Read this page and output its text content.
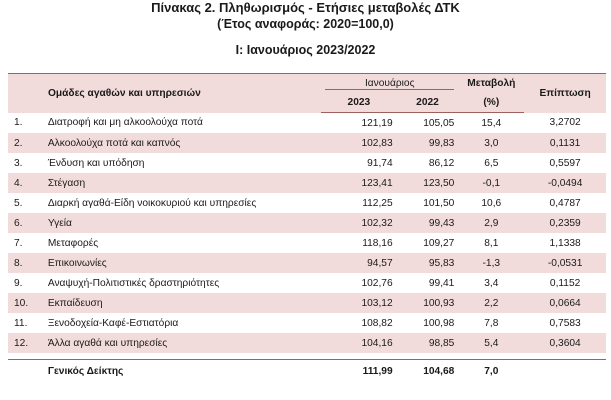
Πίνακας 2. Πληθωρισμός - Ετήσιες μεταβολές ΔΤΚ
(Έτος αναφοράς: 2020=100,0)
I: Ιανουάριος 2023/2022
Ομάδες αγαθών και υπηρεσιών		Ιανουάριος		Μεταβολή	Επίπτωση
		2023	2022	(%)	
1.	Διατροφή και μη αλκοολούχα ποτά	121,19	105,05	15,4	3,2702
2.	Αλκοολούχα ποτά και καπνός	102,83	99,83	3,0	0,1131
3.	Ένδυση και υπόδηση	91,74	86,12	6,5	0,5597
4.	Στέγαση	123,41	123,50	-0,1	-0,0494
5.	Διαρκή αγαθά-Είδη νοικοκυριού και υπηρεσίες	112,25	101,50	10,6	0,4787
6.	Υγεία	102,32	99,43	2,9	0,2359
7.	Μεταφορές	118,16	109,27	8,1	1,1338
8.	Επικοινωνίες	94,57	95,83	-1,3	-0,0531
9.	Αναψυχή-Πολιτιστικές δραστηριότητες	102,76	99,41	3,4	0,1152
10.	Εκπαίδευση	103,12	100,93	2,2	0,0664
11.	Ξενοδοχεία-Καφέ-Εστιατόρια	108,82	100,98	7,8	0,7583
12.	Άλλα αγαθά και υπηρεσίες	104,16	98,85	5,4	0,3604

	Γενικός Δείκτης	111,99	104,68	7,0	
